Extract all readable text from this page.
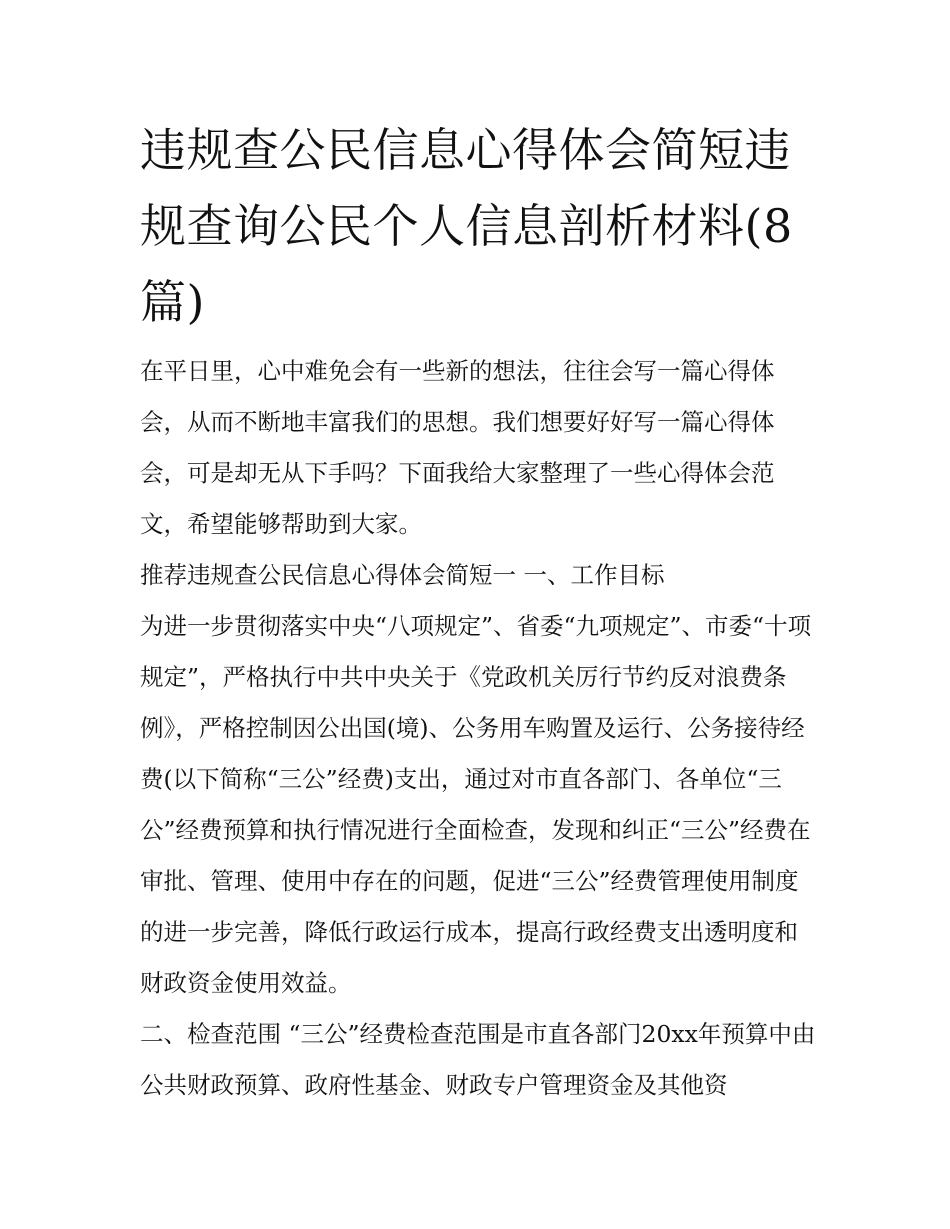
违规查公民信息心得体会简短违规查询公民个人信息剖析材料(8篇)

在平日里，心中难免会有一些新的想法，往往会写一篇心得体会，从而不断地丰富我们的思想。我们想要好好写一篇心得体会，可是却无从下手吗？下面我给大家整理了一些心得体会范文，希望能够帮助到大家。

推荐违规查公民信息心得体会简短一 一、工作目标

为进一步贯彻落实中央“八项规定”、省委“九项规定”、市委“十项规定”，严格执行中共中央关于《党政机关厉行节约反对浪费条例》，严格控制因公出国(境)、公务用车购置及运行、公务接待经费(以下简称“三公”经费)支出，通过对市直各部门、各单位“三公”经费预算和执行情况进行全面检查，发现和纠正“三公”经费在审批、管理、使用中存在的问题，促进“三公”经费管理使用制度的进一步完善，降低行政运行成本，提高行政经费支出透明度和财政资金使用效益。

二、检查范围 “三公”经费检查范围是市直各部门20xx年预算中由公共财政预算、政府性基金、财政专户管理资金及其他资
